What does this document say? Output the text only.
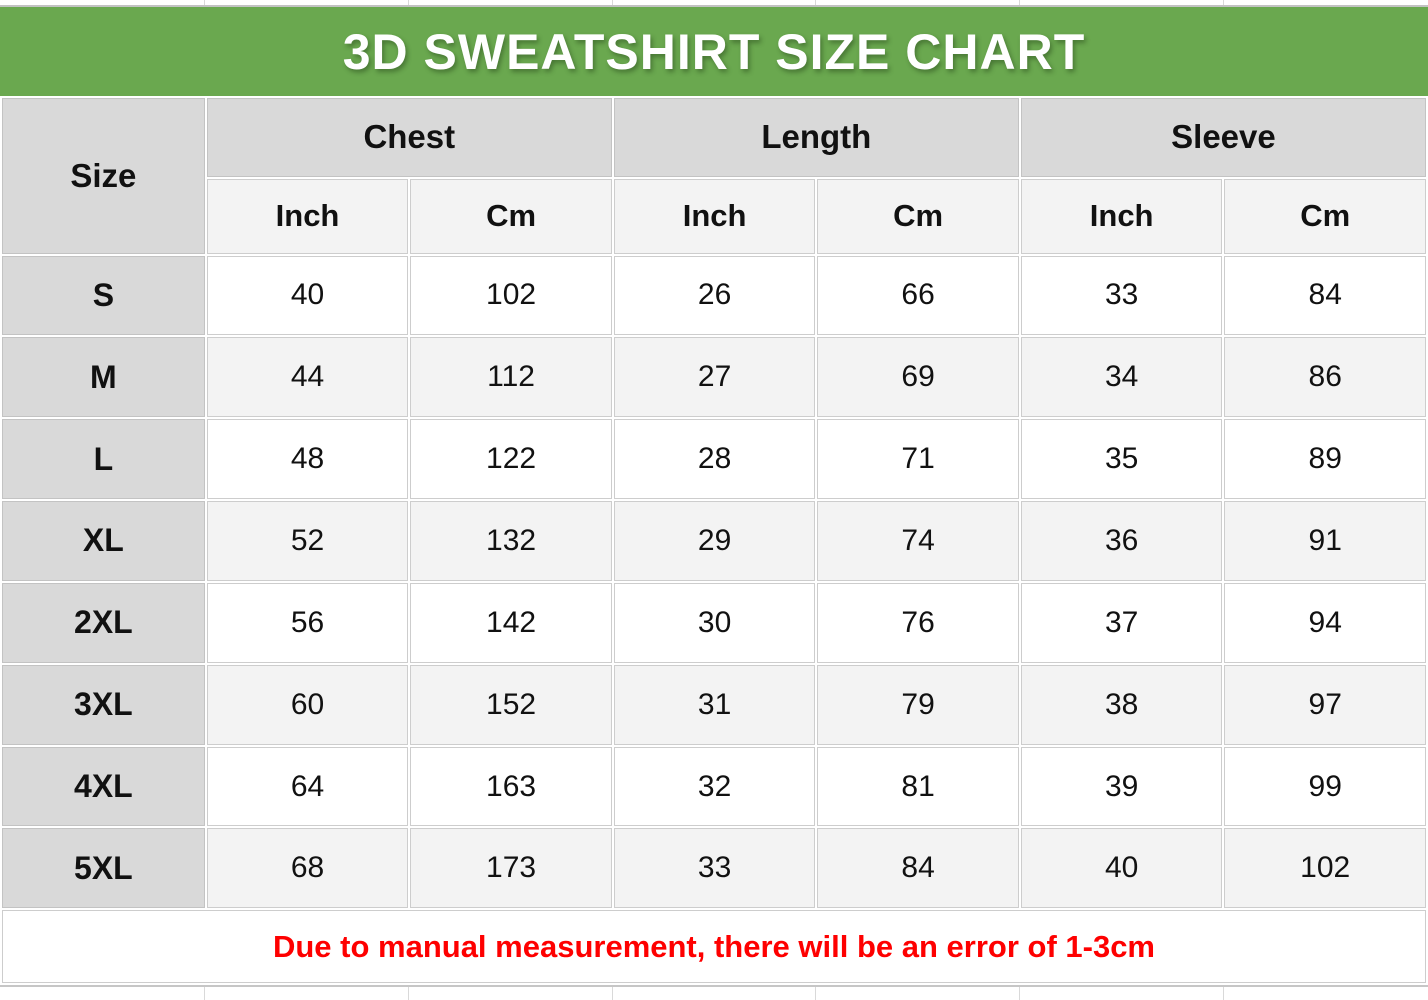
3D SWEATSHIRT SIZE CHART
Size	Chest		Length		Sleeve	
	Inch	Cm	Inch	Cm	Inch	Cm
S	40	102	26	66	33	84
M	44	112	27	69	34	86
L	48	122	28	71	35	89
XL	52	132	29	74	36	91
2XL	56	142	30	76	37	94
3XL	60	152	31	79	38	97
4XL	64	163	32	81	39	99
5XL	68	173	33	84	40	102
Due to manual measurement, there will be an error of 1-3cm						
